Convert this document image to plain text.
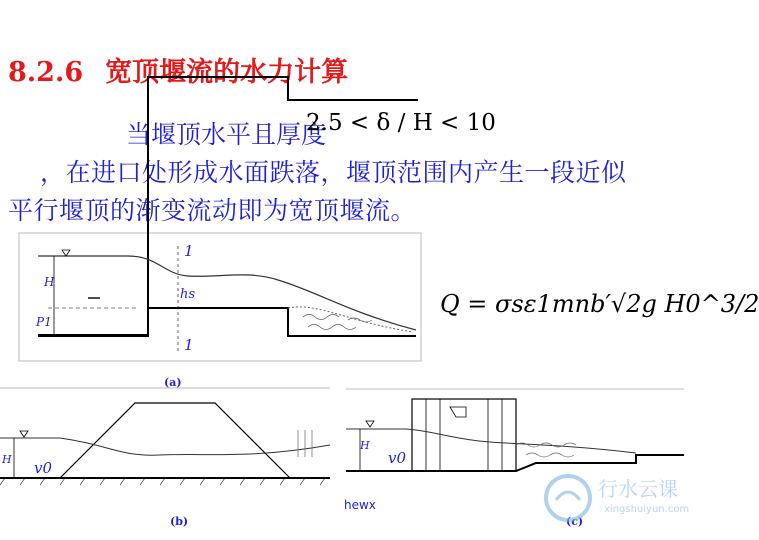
8.2.6 宽顶堰流的水力计算
当堰顶水平且厚度
2.5 < δ / H < 10
，在进口处形成水面跌落，堰顶范围内产生一段近似
平行堰顶的渐变流动即为宽顶堰流。
H
P1
hs
1
1
(a)
Q = σsε1mnb′√2g H0^3/2
H v0
(b)
H
v0
(c)
hewx
行水云课
xingshuiyun.com
